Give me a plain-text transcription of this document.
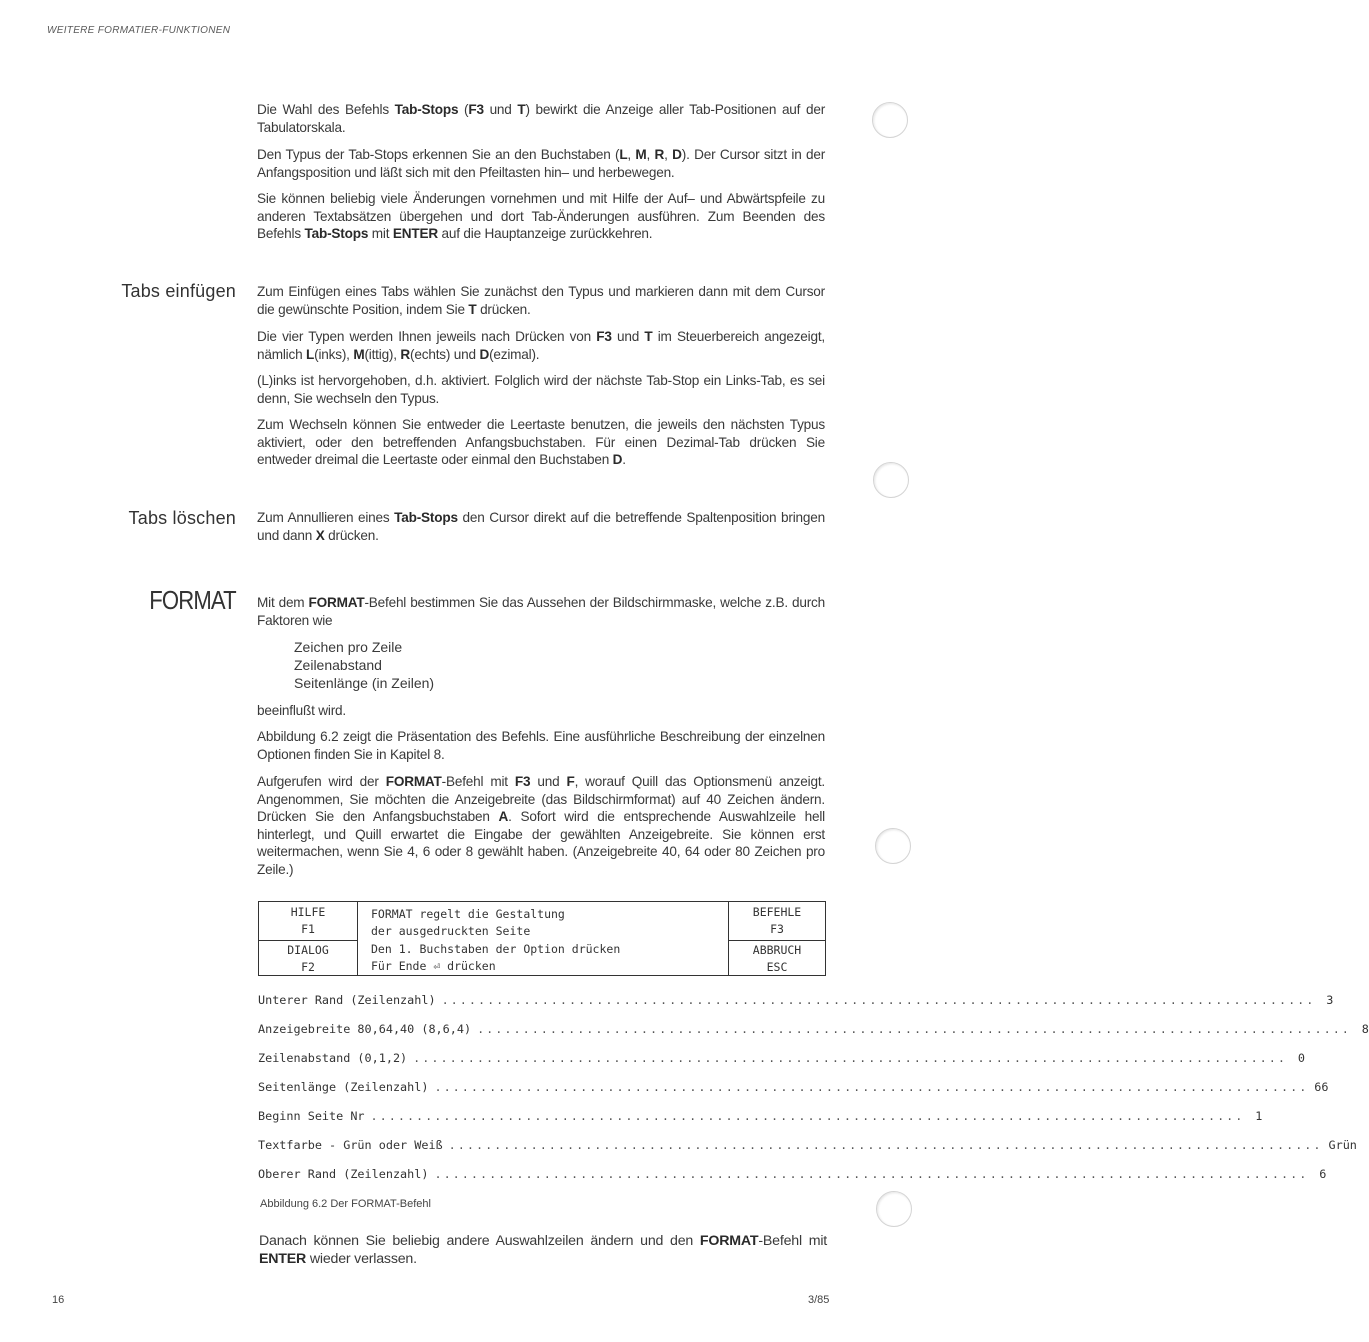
WEITERE FORMATIER-FUNKTIONEN
Die Wahl des Befehls Tab-Stops (F3 und T) bewirkt die Anzeige aller Tab-Positionen auf der Tabulatorskala.
Den Typus der Tab-Stops erkennen Sie an den Buchstaben (L, M, R, D). Der Cursor sitzt in der Anfangsposition und läßt sich mit den Pfeiltasten hin– und herbewegen.
Sie können beliebig viele Änderungen vornehmen und mit Hilfe der Auf– und Abwärtspfeile zu anderen Textabsätzen übergehen und dort Tab-Änderungen ausführen. Zum Beenden des Befehls Tab-Stops mit ENTER auf die Hauptanzeige zurückkehren.
Tabs einfügen Zum Einfügen eines Tabs wählen Sie zunächst den Typus und markieren dann mit dem Cursor die gewünschte Position, indem Sie T drücken.
Die vier Typen werden Ihnen jeweils nach Drücken von F3 und T im Steuerbereich angezeigt, nämlich L(inks), M(ittig), R(echts) und D(ezimal).
(L)inks ist hervorgehoben, d.h. aktiviert. Folglich wird der nächste Tab-Stop ein Links-Tab, es sei denn, Sie wechseln den Typus.
Zum Wechseln können Sie entweder die Leertaste benutzen, die jeweils den nächsten Typus aktiviert, oder den betreffenden Anfangsbuchstaben. Für einen Dezimal-Tab drücken Sie entweder dreimal die Leertaste oder einmal den Buchstaben D.
Tabs löschen Zum Annullieren eines Tab-Stops den Cursor direkt auf die betreffende Spaltenposition bringen und dann X drücken.
FORMAT Mit dem FORMAT-Befehl bestimmen Sie das Aussehen der Bildschirmmaske, welche z.B. durch Faktoren wie
Zeichen pro Zeile
Zeilenabstand
Seitenlänge (in Zeilen)
beeinflußt wird.
Abbildung 6.2 zeigt die Präsentation des Befehls. Eine ausführliche Beschreibung der einzelnen Optionen finden Sie in Kapitel 8.
Aufgerufen wird der FORMAT-Befehl mit F3 und F, worauf Quill das Optionsmenü anzeigt. Angenommen, Sie möchten die Anzeigebreite (das Bildschirmformat) auf 40 Zeichen ändern. Drücken Sie den Anfangsbuchstaben A. Sofort wird die entsprechende Auswahlzeile hell hinterlegt, und Quill erwartet die Eingabe der gewählten Anzeigebreite. Sie können erst weitermachen, wenn Sie 4, 6 oder 8 gewählt haben. (Anzeigebreite 40, 64 oder 80 Zeichen pro Zeile.)
HILFE
F1
DIALOG
F2
FORMAT regelt die Gestaltung
der ausgedruckten Seite
Den 1. Buchstaben der Option drücken
Für Ende ⏎ drücken
BEFEHLE
F3
ABBRUCH
ESC
Unterer Rand (Zeilenzahl) ................................................................................................ 3
Anzeigebreite 80,64,40 (8,6,4) ................................................................................................ 8
Zeilenabstand (0,1,2) ................................................................................................ 0
Seitenlänge (Zeilenzahl) ................................................................................................ 66
Beginn Seite Nr ................................................................................................ 1
Textfarbe - Grün oder Weiß ................................................................................................ Grün
Oberer Rand (Zeilenzahl) ................................................................................................ 6
Abbildung 6.2 Der FORMAT-Befehl
Danach können Sie beliebig andere Auswahlzeilen ändern und den FORMAT-Befehl mit ENTER wieder verlassen.
16	3/85
